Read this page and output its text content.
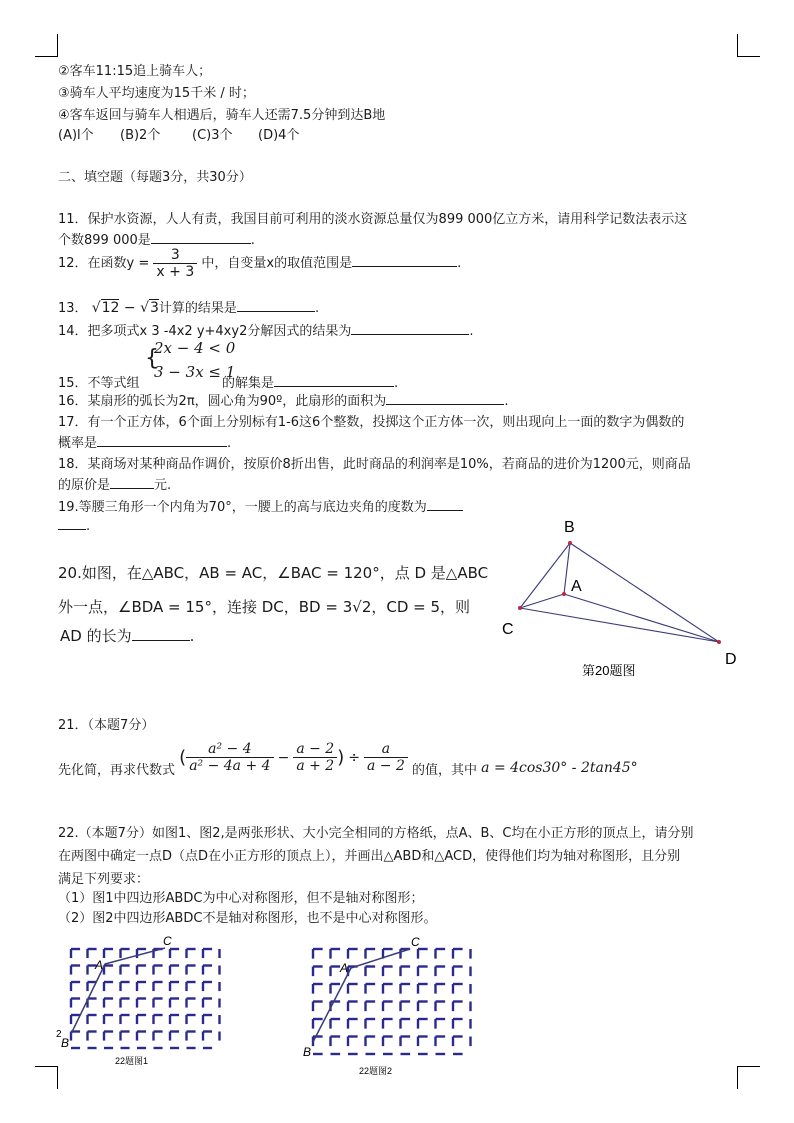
②客车11:15追上骑车人；
③骑车人平均速度为15千米 / 时；
④客车返回与骑车人相遇后，骑车人还需7.5分钟到达B地
(A)l个 (B)2个 (C)3个 (D)4个
二、填空题（每题3分，共30分）
11．保护水资源，人人有责，我国目前可利用的淡水资源总量仅为899 000亿立方米，请用科学记数法表示这
个数899 000是	.
12．在函数$y = \frac{3}{x + 3}$ 中，自变量x的取值范围是	.
13． √12 − √3计算的结果是	.
14．把多项式x 3 -4x2 y+4xy2分解因式的结果为	.
15．不等式组
{
2x − 4 < 0
3 − 3x ≤ 1
的解集是	.
16．某扇形的弧长为2π，圆心角为90º，此扇形的面积为	.
17．有一个正方体，6个面上分别标有1-6这6个整数，投掷这个正方体一次，则出现向上一面的数字为偶数的
概率是	.
18．某商场对某种商品作调价，按原价8折出售，此时商品的利润率是10%，若商品的进价为1200元，则商品
的原价是	元.
19.等腰三角形一个内角为70°，一腰上的高与底边夹角的度数为
.
20.如图，在△ABC，AB = AC，∠BAC = 120°，点 D 是△ABC
外一点，∠BDA = 15°，连接 DC，BD = 3√2，CD = 5，则
AD 的长为	.
B
A
C
D
第20题图
21．（本题7分）
先化简，再求代数式 ( $\frac{\text{a² − 4}}{\text{a² − 4a + 4}} - \frac{a - 2}{a + 2}$ ) ÷ $\frac{a}{a - 2}$ 的值，其中 a = 4cos30° - 2tan45°
22.（本题7分）如图1、图2,是两张形状、大小完全相同的方格纸，点A、B、C均在小正方形的顶点上，请分别
在两图中确定一点D（点D在小正方形的顶点上），并画出△ABD和△ACD，使得他们均为轴对称图形，且分别
满足下列要求：
（1）图1中四边形ABDC为中心对称图形，但不是轴对称图形；
（2）图2中四边形ABDC不是轴对称图形，也不是中心对称图形。
C
A
2
B
22题图1
C
A
B
22题图2
